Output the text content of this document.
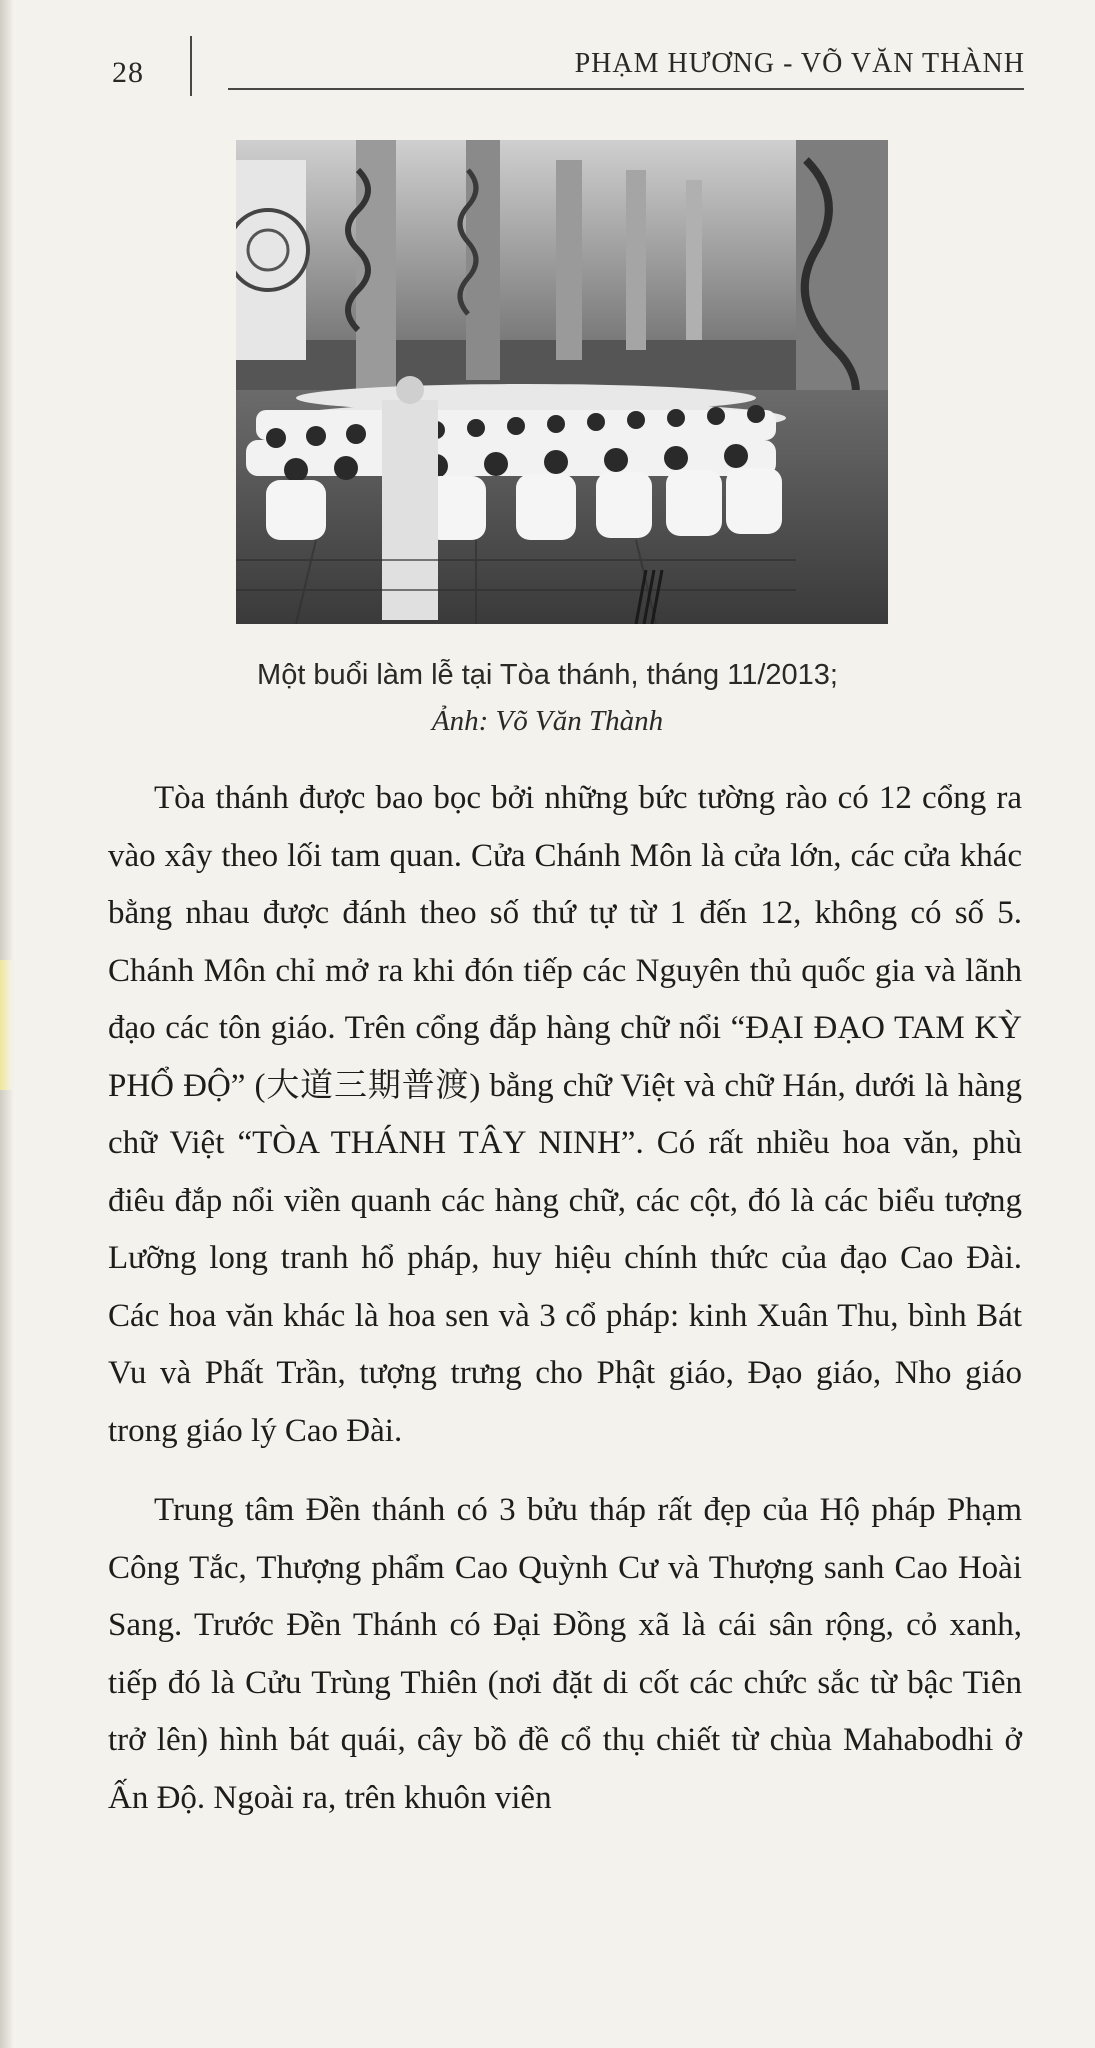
28	PHẠM HƯƠNG - VÕ VĂN THÀNH
Một buổi làm lễ tại Tòa thánh, tháng 11/2013;
Ảnh: Võ Văn Thành

Tòa thánh được bao bọc bởi những bức tường rào có 12 cổng ra vào xây theo lối tam quan. Cửa Chánh Môn là cửa lớn, các cửa khác bằng nhau được đánh theo số thứ tự từ 1 đến 12, không có số 5. Chánh Môn chỉ mở ra khi đón tiếp các Nguyên thủ quốc gia và lãnh đạo các tôn giáo. Trên cổng đắp hàng chữ nổi “ĐẠI ĐẠO TAM KỲ PHỔ ĐỘ” (大道三期普渡) bằng chữ Việt và chữ Hán, dưới là hàng chữ Việt “TÒA THÁNH TÂY NINH”. Có rất nhiều hoa văn, phù điêu đắp nổi viền quanh các hàng chữ, các cột, đó là các biểu tượng Lưỡng long tranh hổ pháp, huy hiệu chính thức của đạo Cao Đài. Các hoa văn khác là hoa sen và 3 cổ pháp: kinh Xuân Thu, bình Bát Vu và Phất Trần, tượng trưng cho Phật giáo, Đạo giáo, Nho giáo trong giáo lý Cao Đài.

Trung tâm Đền thánh có 3 bửu tháp rất đẹp của Hộ pháp Phạm Công Tắc, Thượng phẩm Cao Quỳnh Cư và Thượng sanh Cao Hoài Sang. Trước Đền Thánh có Đại Đồng xã là cái sân rộng, cỏ xanh, tiếp đó là Cửu Trùng Thiên (nơi đặt di cốt các chức sắc từ bậc Tiên trở lên) hình bát quái, cây bồ đề cổ thụ chiết từ chùa Mahabodhi ở Ấn Độ. Ngoài ra, trên khuôn viên
